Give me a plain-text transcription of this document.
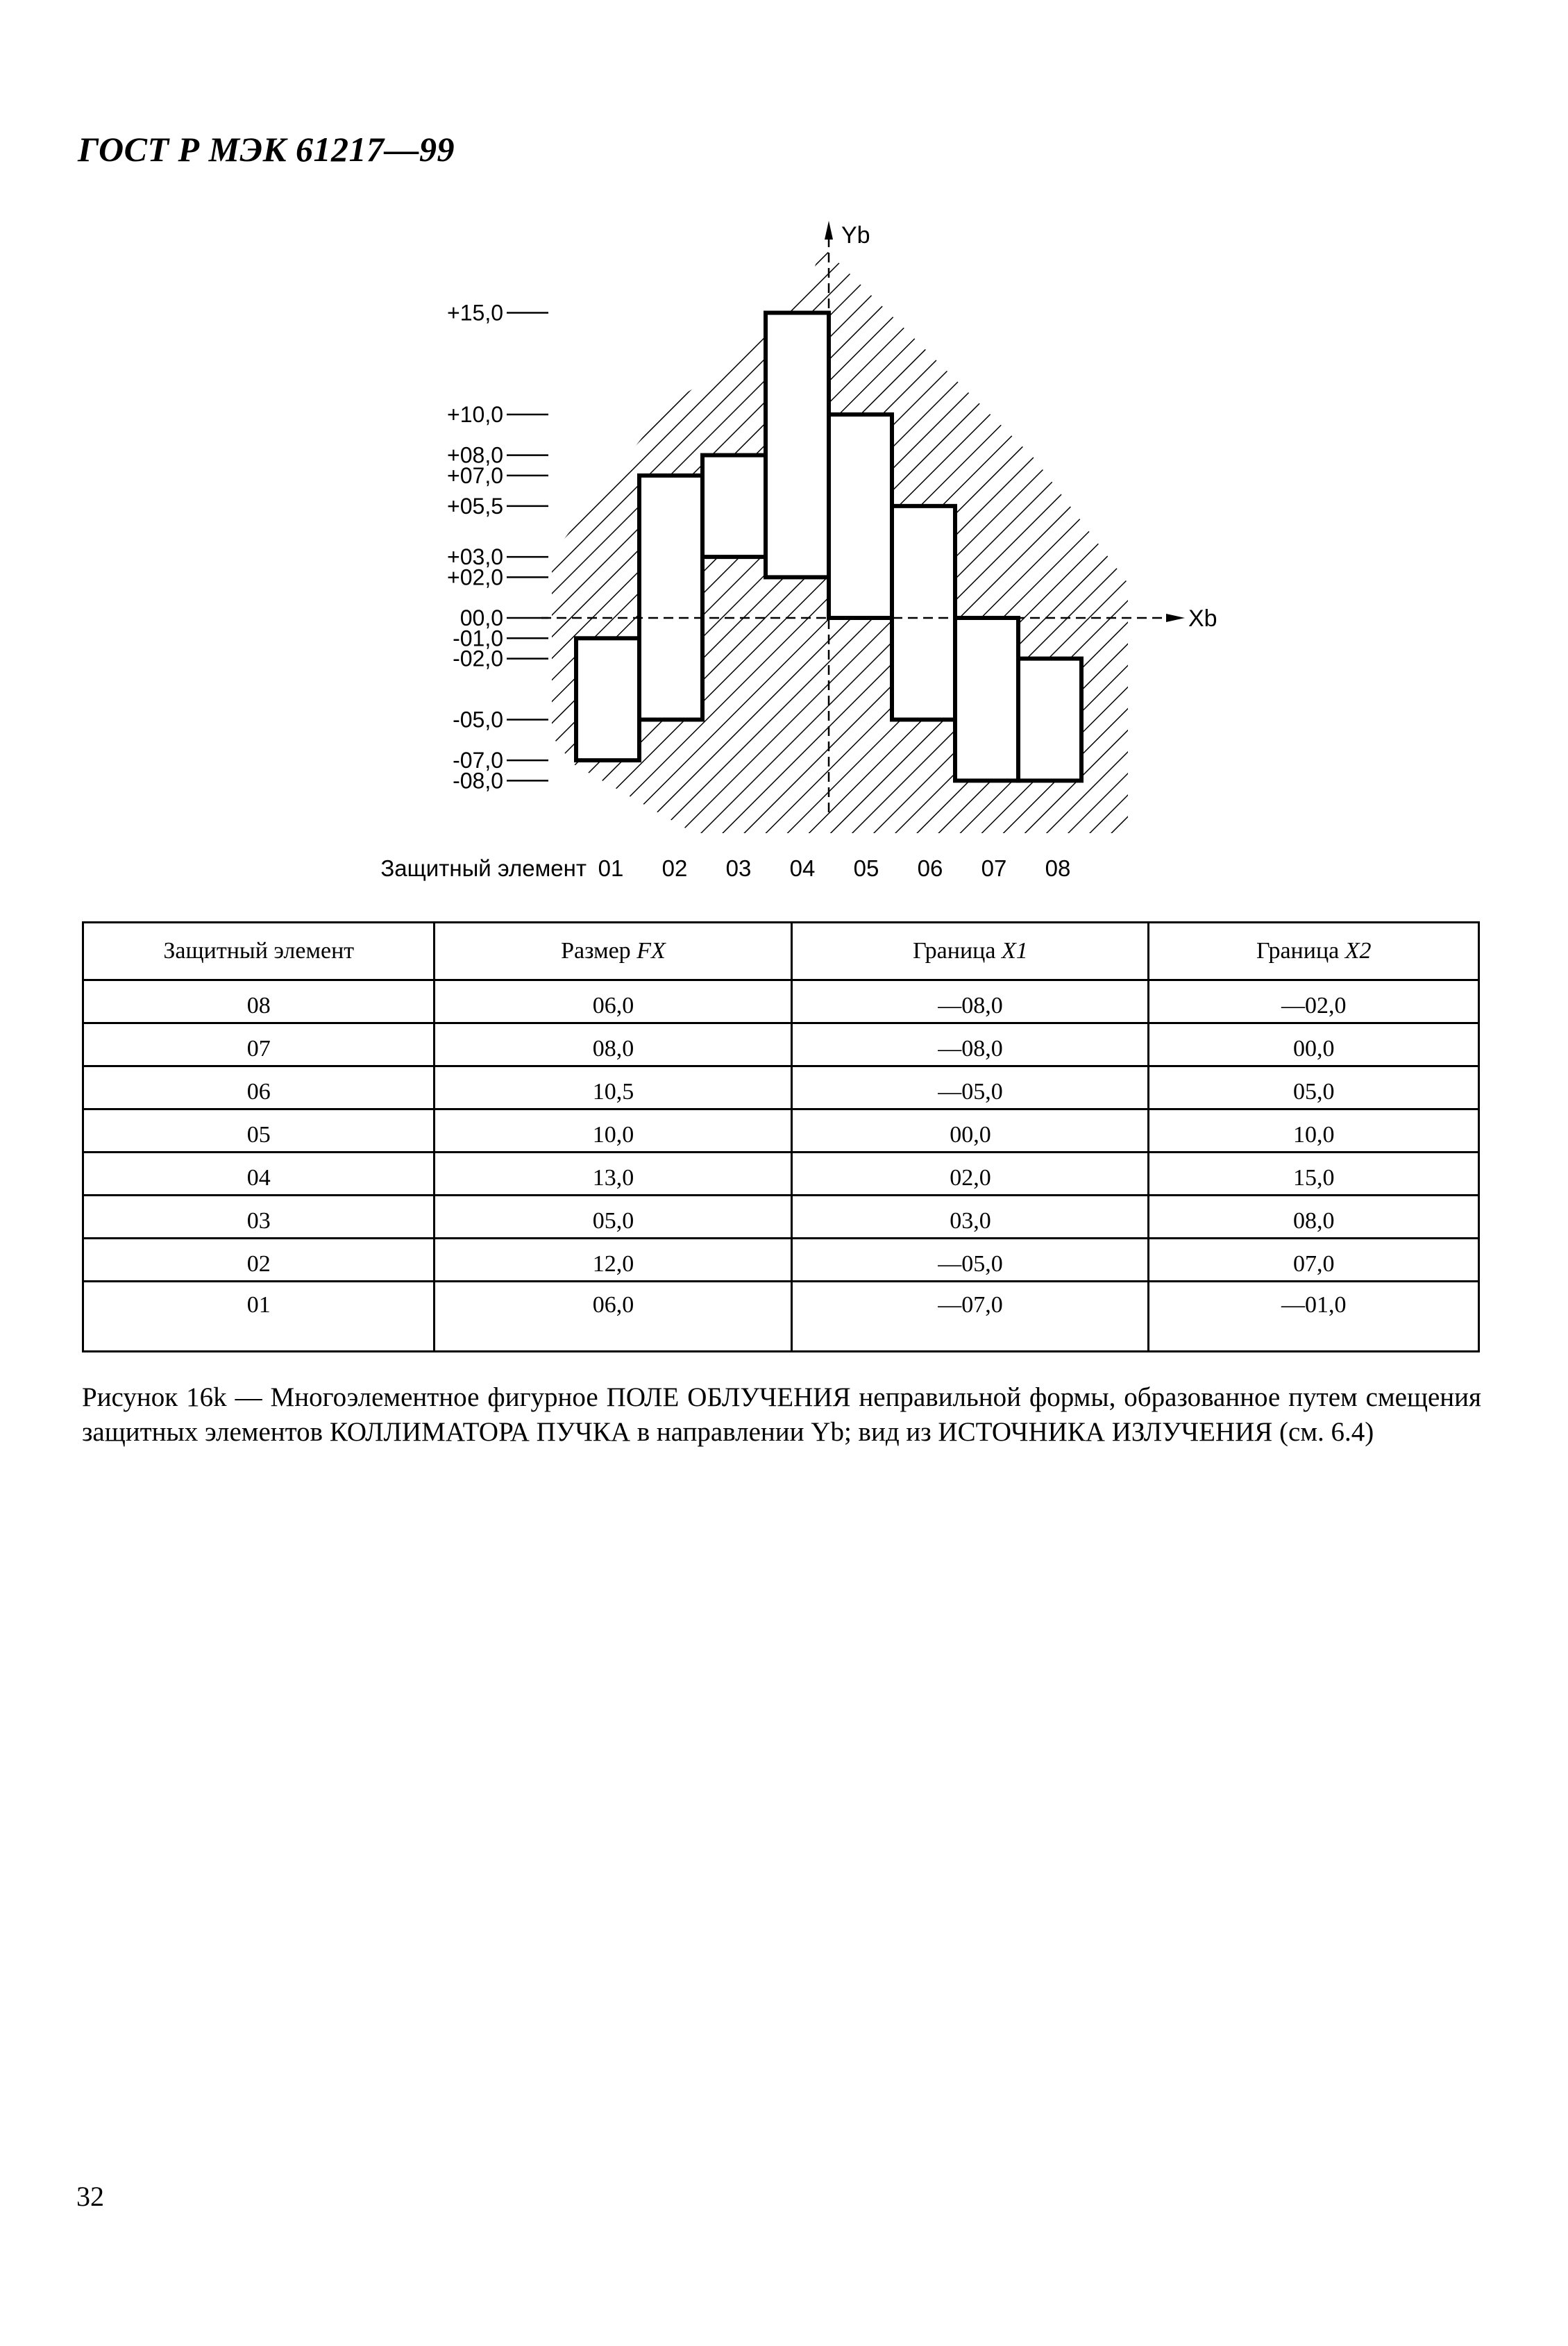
ГОСТ Р МЭК 61217—99
+15,0
+10,0
+08,0
+07,0
+05,5
+03,0
+02,0
00,0
-01,0
-02,0
-05,0
-07,0
-08,0
Yb
Xb
Защитный элемент 01 02 03 04 05 06 07 08
Защитный элемент	Размер FX	Граница X1	Граница X2
08	06,0	—08,0	—02,0
07	08,0	—08,0	00,0
06	10,5	—05,0	05,0
05	10,0	00,0	10,0
04	13,0	02,0	15,0
03	05,0	03,0	08,0
02	12,0	—05,0	07,0
01	06,0	—07,0	—01,0
Рисунок 16k — Многоэлементное фигурное ПОЛЕ ОБЛУЧЕНИЯ неправильной формы, образованное путем смещения защитных элементов КОЛЛИМАТОРА ПУЧКА в направлении Yb; вид из ИСТОЧНИКА ИЗЛУЧЕНИЯ (см. 6.4)
32
